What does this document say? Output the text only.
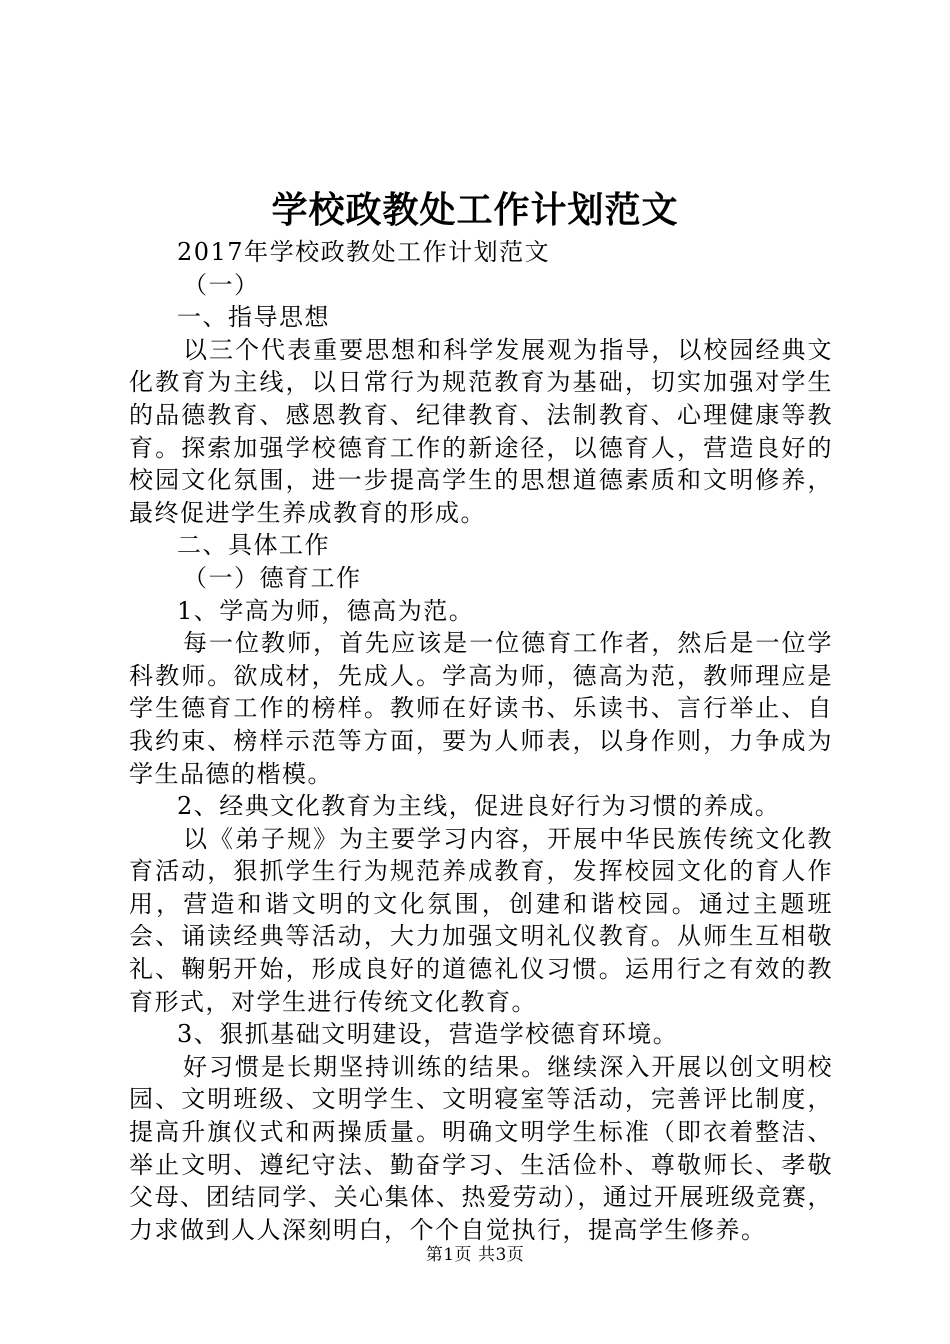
学校政教处工作计划范文

2017年学校政教处工作计划范文

（一）

一、指导思想

以三个代表重要思想和科学发展观为指导，以校园经典文化教育为主线，以日常行为规范教育为基础，切实加强对学生的品德教育、感恩教育、纪律教育、法制教育、心理健康等教育。探索加强学校德育工作的新途径，以德育人，营造良好的校园文化氛围，进一步提高学生的思想道德素质和文明修养，最终促进学生养成教育的形成。

二、具体工作

（一）德育工作

1、学高为师，德高为范。

每一位教师，首先应该是一位德育工作者，然后是一位学科教师。欲成材，先成人。学高为师，德高为范，教师理应是学生德育工作的榜样。教师在好读书、乐读书、言行举止、自我约束、榜样示范等方面，要为人师表，以身作则，力争成为学生品德的楷模。

2、经典文化教育为主线，促进良好行为习惯的养成。

以《弟子规》为主要学习内容，开展中华民族传统文化教育活动，狠抓学生行为规范养成教育，发挥校园文化的育人作用，营造和谐文明的文化氛围，创建和谐校园。通过主题班会、诵读经典等活动，大力加强文明礼仪教育。从师生互相敬礼、鞠躬开始，形成良好的道德礼仪习惯。运用行之有效的教育形式，对学生进行传统文化教育。

3、狠抓基础文明建设，营造学校德育环境。

好习惯是长期坚持训练的结果。继续深入开展以创文明校园、文明班级、文明学生、文明寝室等活动，完善评比制度，提高升旗仪式和两操质量。明确文明学生标准（即衣着整洁、举止文明、遵纪守法、勤奋学习、生活俭朴、尊敬师长、孝敬父母、团结同学、关心集体、热爱劳动），通过开展班级竞赛，力求做到人人深刻明白，个个自觉执行，提高学生修养。

第1页 共3页
